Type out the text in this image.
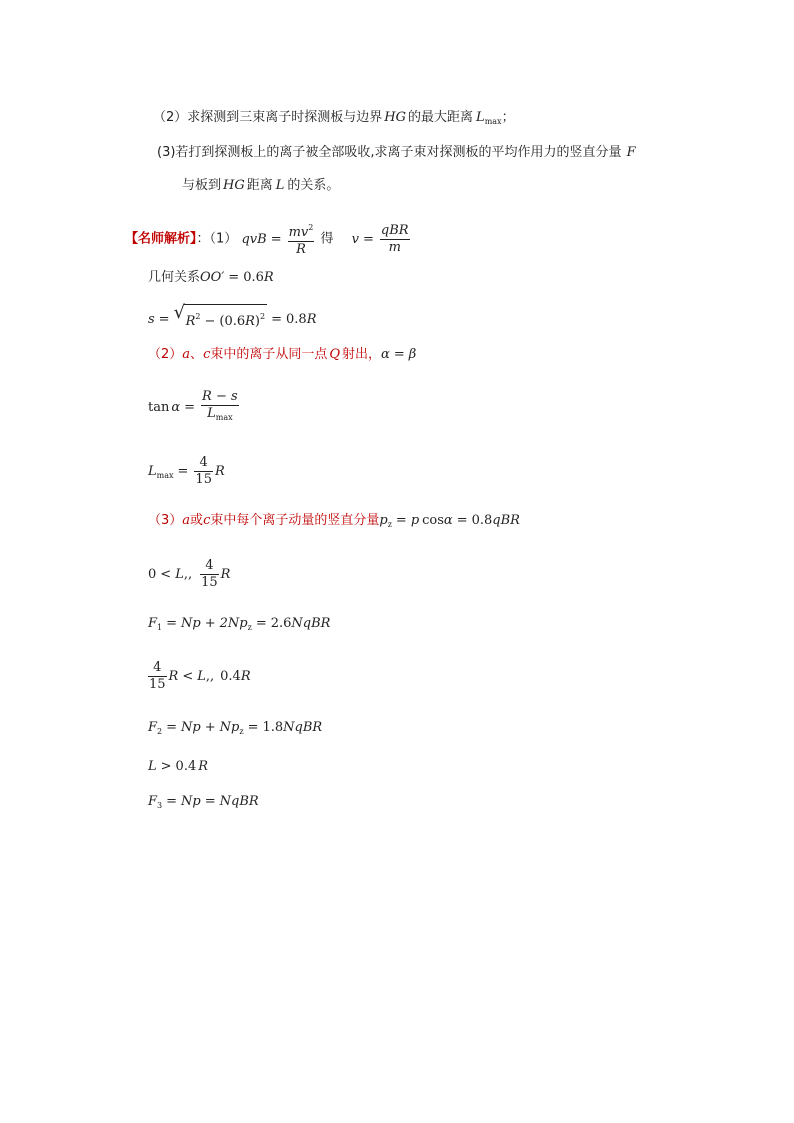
（2）求探测到三束离子时探测板与边界 HG 的最大距离 $L_{max}$；
(3)若打到探测板上的离子被全部吸收,求离子束对探测板的平均作用力的竖直分量 F
与板到 HG 距离 L 的关系。
【名师解析】：（1） qvB = $\frac{mv^2}{R}$ 得 $v = \frac{\text{qBR}}{m}$
几何关系OO′ = 0.6R
s = √ $R^2 - (0.6R)^2 = 0.8R$
（2）a、c束中的离子从同一点 Q 射出，α = β
$\tan \alpha = \frac{R - s}{L_{max}}$
$L_{max} = \frac{4}{15}$ R
（3）a或c束中每个离子动量的竖直分量$p_z = p$ cosα = 0.8qBR
0 < L,, $\frac{4}{15}$ R
$F_1 = Np + 2Np_z$ = 2.6NqBR
$\frac{4}{15}$ R < L,, 0.4R
$F_2 = Np + Np_z$ = 1.8NqBR
L > 0.4 R
$F_3 = Np$ = NqBR
